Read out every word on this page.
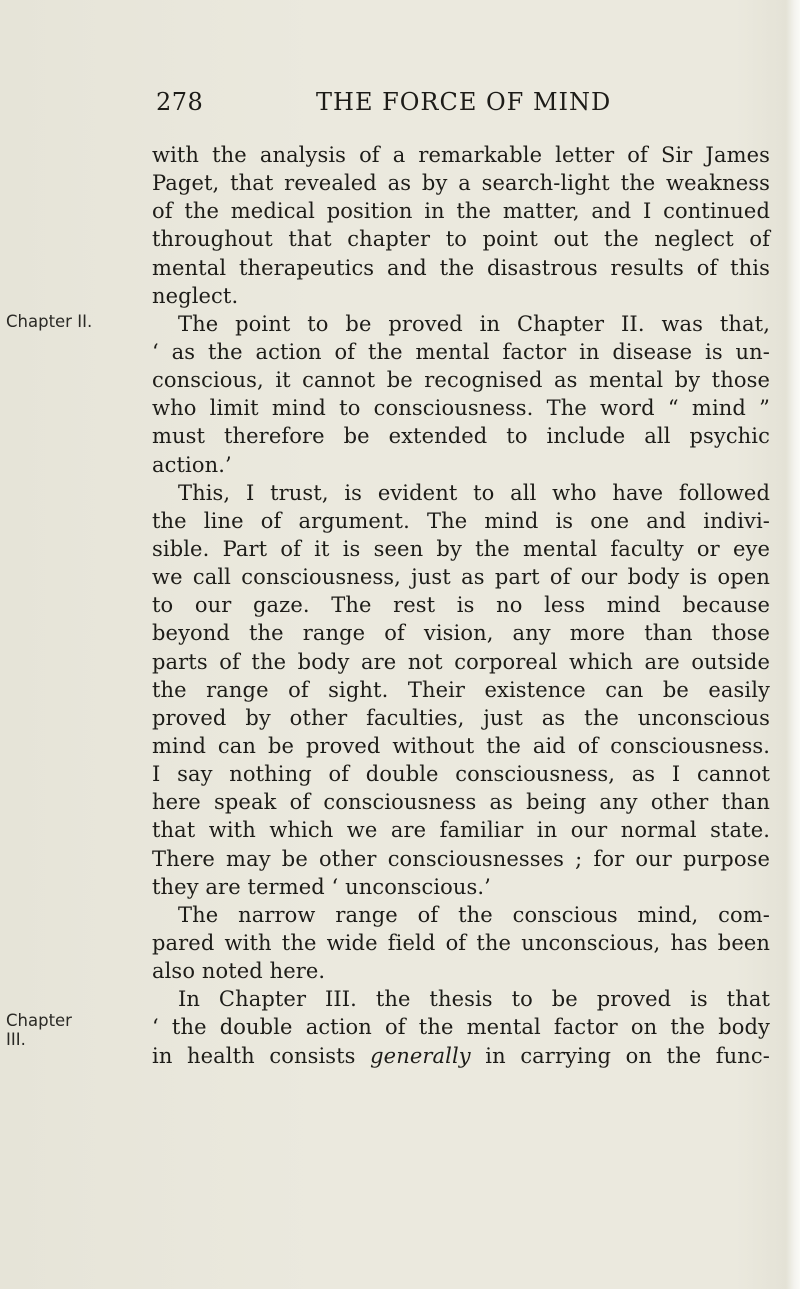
278	THE FORCE OF MIND
Chapter II.
Chapter
III.
with the analysis of a remarkable letter of Sir James
Paget, that revealed as by a search-light the weakness
of the medical position in the matter, and I continued
throughout that chapter to point out the neglect of
mental therapeutics and the disastrous results of this
neglect.
The point to be proved in Chapter II. was that,
‘ as the action of the mental factor in disease is un-
conscious, it cannot be recognised as mental by those
who limit mind to consciousness. The word “ mind ”
must therefore be extended to include all psychic
action.’
This, I trust, is evident to all who have followed
the line of argument. The mind is one and indivi-
sible. Part of it is seen by the mental faculty or eye
we call consciousness, just as part of our body is open
to our gaze. The rest is no less mind because
beyond the range of vision, any more than those
parts of the body are not corporeal which are outside
the range of sight. Their existence can be easily
proved by other faculties, just as the unconscious
mind can be proved without the aid of consciousness.
I say nothing of double consciousness, as I cannot
here speak of consciousness as being any other than
that with which we are familiar in our normal state.
There may be other consciousnesses ; for our purpose
they are termed ‘ unconscious.’
The narrow range of the conscious mind, com-
pared with the wide field of the unconscious, has been
also noted here.
In Chapter III. the thesis to be proved is that
‘ the double action of the mental factor on the body
in health consists generally in carrying on the func-
